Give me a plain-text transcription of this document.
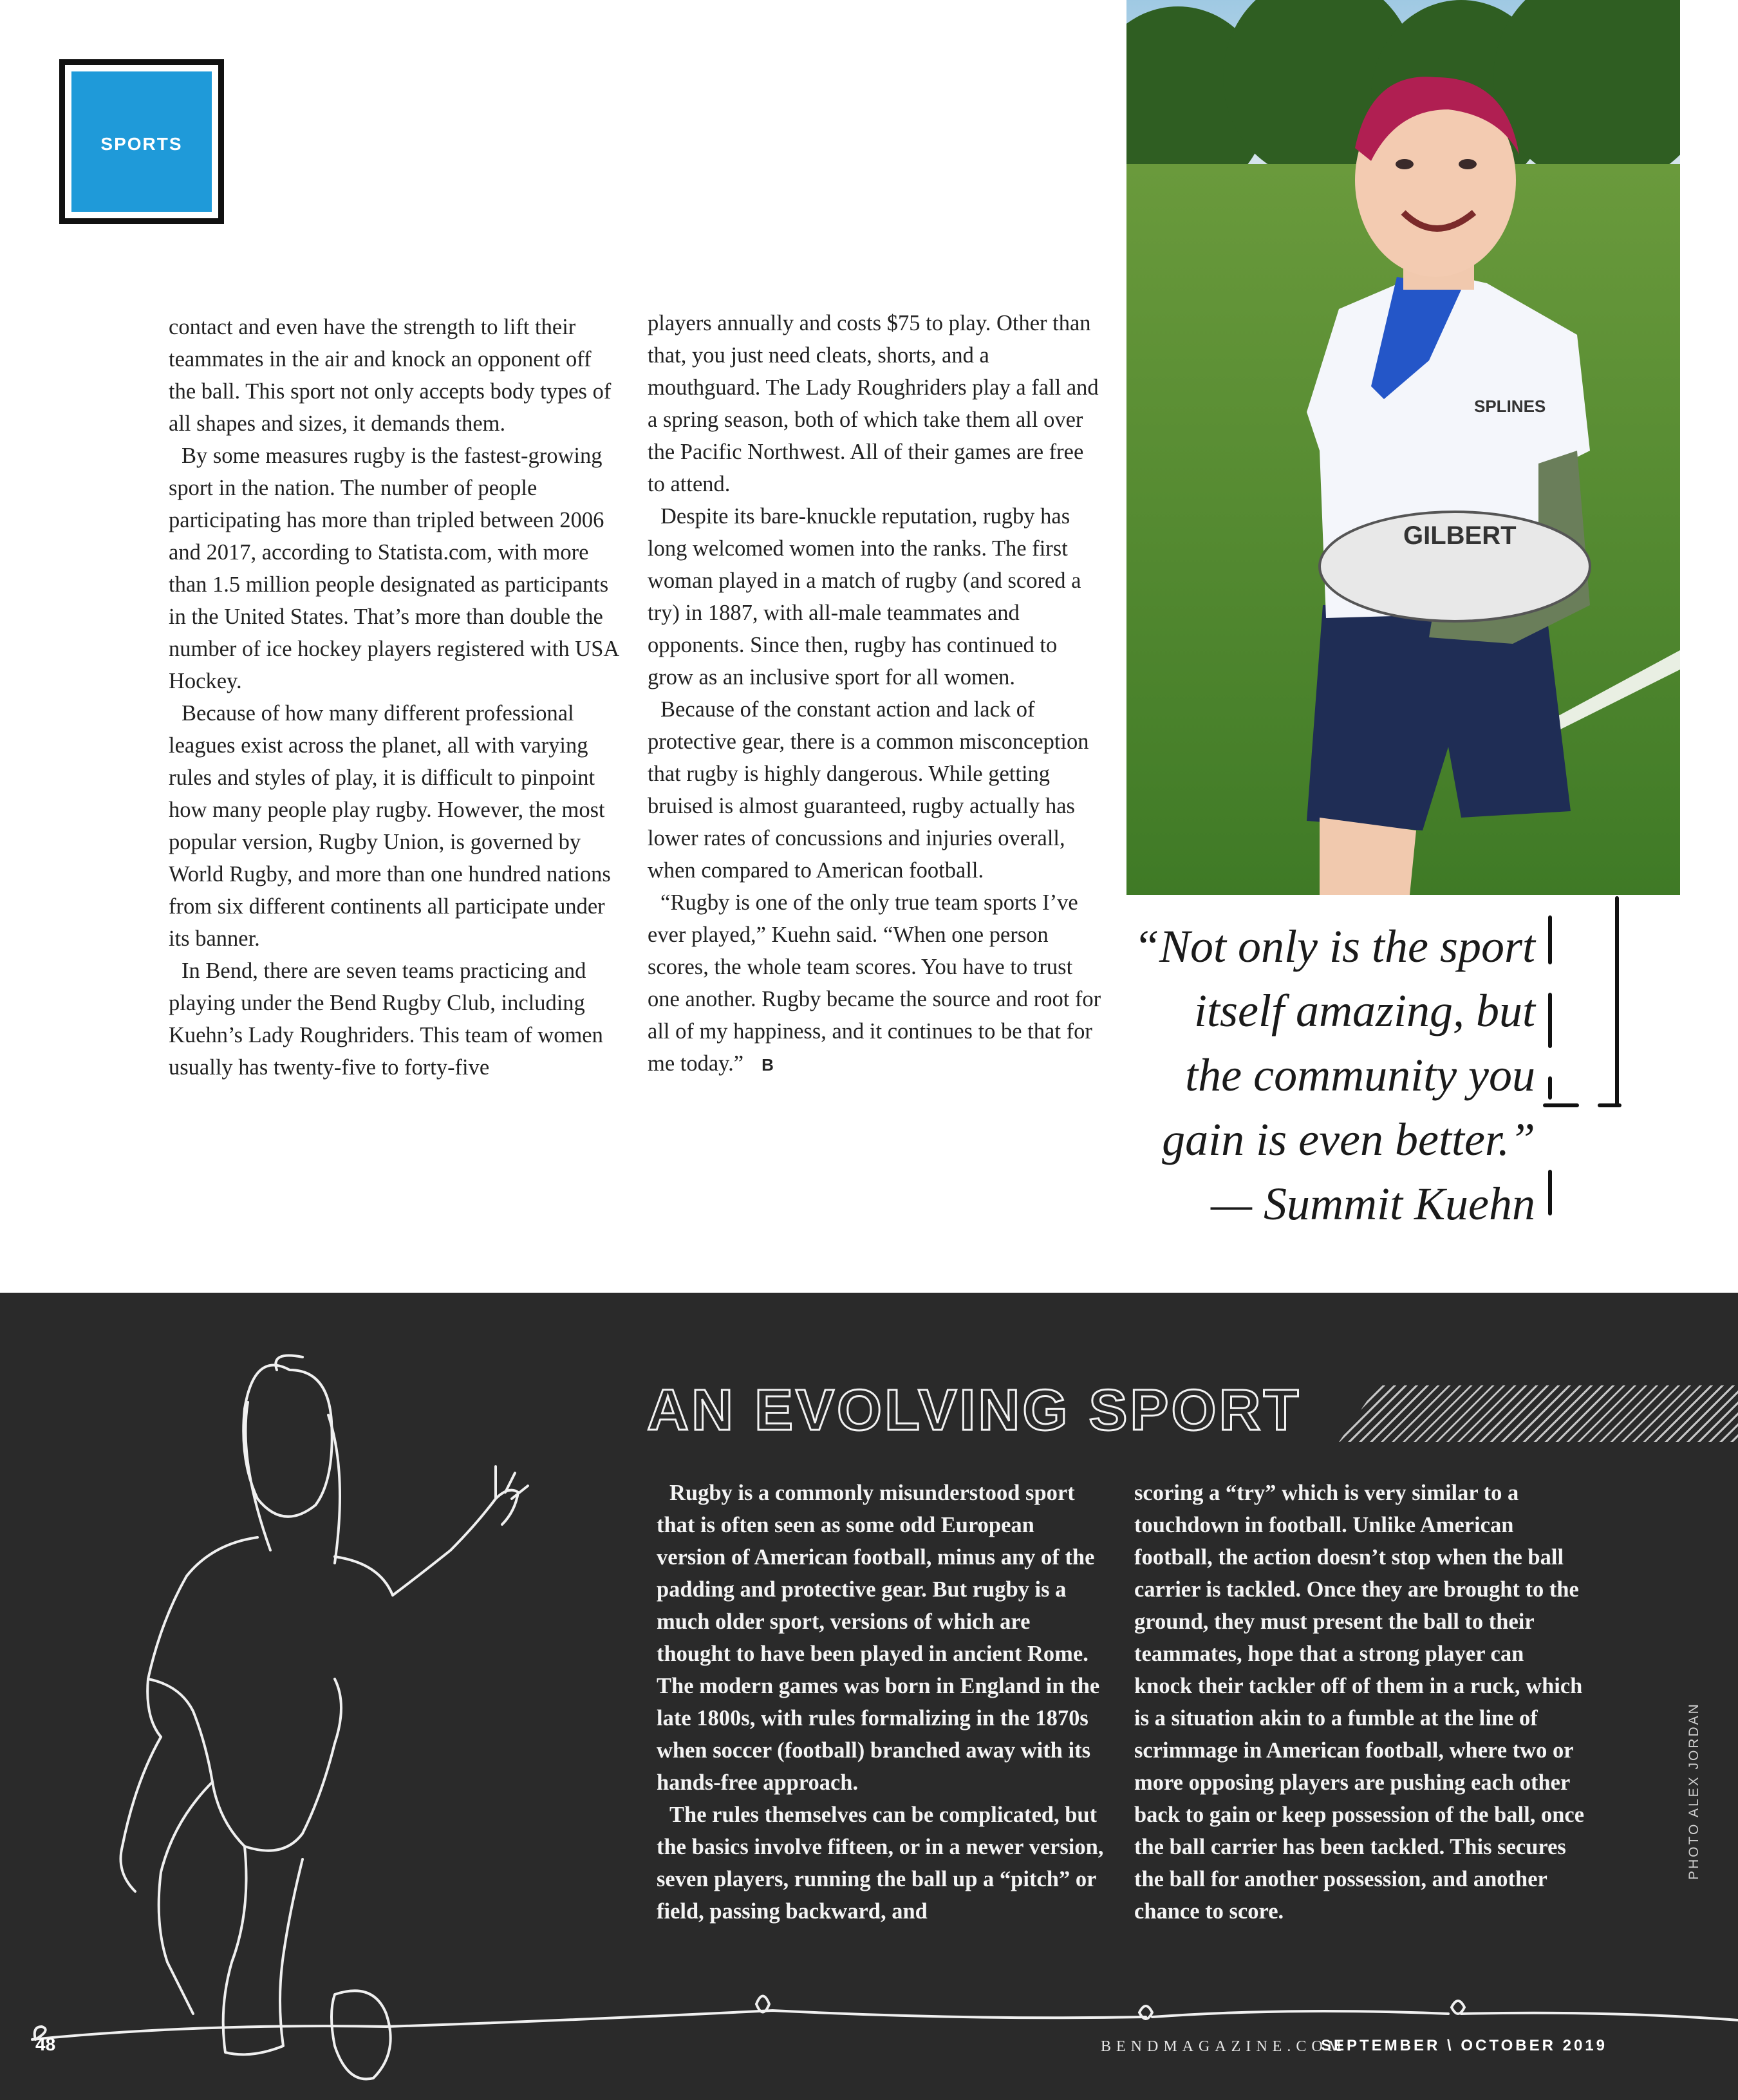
SPORTS

contact and even have the strength to lift their teammates in the air and knock an opponent off the ball. This sport not only accepts body types of all shapes and sizes, it demands them.

By some measures rugby is the fastest-growing sport in the nation. The number of people participating has more than tripled between 2006 and 2017, according to Statista.com, with more than 1.5 million people designated as participants in the United States. That’s more than double the number of ice hockey players registered with USA Hockey.

Because of how many different professional leagues exist across the planet, all with varying rules and styles of play, it is difficult to pinpoint how many people play rugby. However, the most popular version, Rugby Union, is governed by World Rugby, and more than one hundred nations from six different continents all participate under its banner.

In Bend, there are seven teams practicing and playing under the Bend Rugby Club, including Kuehn’s Lady Roughriders. This team of women usually has twenty-five to forty-five

players annually and costs $75 to play. Other than that, you just need cleats, shorts, and a mouthguard. The Lady Roughriders play a fall and a spring season, both of which take them all over the Pacific Northwest. All of their games are free to attend.

Despite its bare-knuckle reputation, rugby has long welcomed women into the ranks. The first woman played in a match of rugby (and scored a try) in 1887, with all-male teammates and opponents. Since then, rugby has continued to grow as an inclusive sport for all women.

Because of the constant action and lack of protective gear, there is a common misconception that rugby is highly dangerous. While getting bruised is almost guaranteed, rugby actually has lower rates of concussions and injuries overall, when compared to American football.

“Rugby is one of the only true team sports I’ve ever played,” Kuehn said. “When one person scores, the whole team scores. You have to trust one another. Rugby became the source and root for all of my happiness, and it continues to be that for me today.” B

GILBERT
SPLINES
“Not only is the sport
itself amazing, but
the community you
gain is even better.”
— Summit Kuehn
AN EVOLVING SPORT

Rugby is a commonly misunderstood sport that is often seen as some odd European version of American football, minus any of the padding and protective gear. But rugby is a much older sport, versions of which are thought to have been played in ancient Rome. The modern games was born in England in the late 1800s, with rules formalizing in the 1870s when soccer (football) branched away with its hands-free approach.

The rules themselves can be complicated, but the basics involve fifteen, or in a newer version, seven players, running the ball up a “pitch” or field, passing backward, and

scoring a “try” which is very similar to a touchdown in football. Unlike American football, the action doesn’t stop when the ball carrier is tackled. Once they are brought to the ground, they must present the ball to their teammates, hope that a strong player can knock their tackler off of them in a ruck, which is a situation akin to a fumble at the line of scrimmage in American football, where two or more opposing players are pushing each other back to gain or keep possession of the ball, once the ball carrier has been tackled. This secures the ball for another possession, and another chance to score.

PHOTO ALEX JORDAN
48	BENDMAGAZINE.COM
SEPTEMBER \ OCTOBER 2019
